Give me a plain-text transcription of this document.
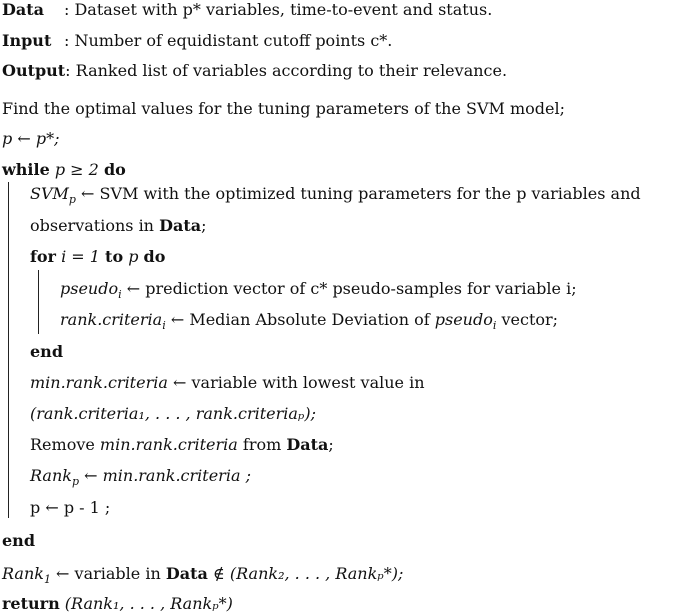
Data : Dataset with p* variables, time-to-event and status.
Input : Number of equidistant cutoff points c*.
Output: Ranked list of variables according to their relevance.
Find the optimal values for the tuning parameters of the SVM model;
p ← p*;
while p ≥ 2 do
$SVM_p$ ← SVM with the optimized tuning parameters for the p variables and
observations in Data;
for i = 1 to p do
pseudo$_i$ ← prediction vector of c* pseudo-samples for variable i;
rank.criteria$_i$ ← Median Absolute Deviation of pseudo$_i$ vector;
end
min.rank.criteria ← variable with lowest value in
(rank.criteria₁, . . . , rank.criteriaₚ);
Remove min.rank.criteria from Data;
Rank$_p$ ← min.rank.criteria ;
p ← p - 1 ;
end
Rank$_1$ ← variable in Data ∉ (Rank₂, . . . , Rankₚ*);
return (Rank₁, . . . , Rankₚ*)
